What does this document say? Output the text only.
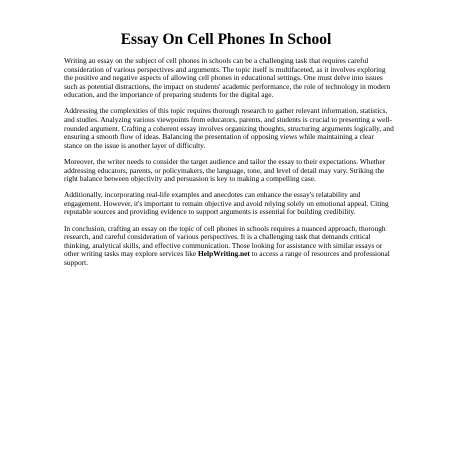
Essay On Cell Phones In School

Writing an essay on the subject of cell phones in schools can be a challenging task that requires careful consideration of various perspectives and arguments. The topic itself is multifaceted, as it involves exploring the positive and negative aspects of allowing cell phones in educational settings. One must delve into issues such as potential distractions, the impact on students' academic performance, the role of technology in modern education, and the importance of preparing students for the digital age.

Addressing the complexities of this topic requires thorough research to gather relevant information, statistics, and studies. Analyzing various viewpoints from educators, parents, and students is crucial to presenting a well-rounded argument. Crafting a coherent essay involves organizing thoughts, structuring arguments logically, and ensuring a smooth flow of ideas. Balancing the presentation of opposing views while maintaining a clear stance on the issue is another layer of difficulty.

Moreover, the writer needs to consider the target audience and tailor the essay to their expectations. Whether addressing educators, parents, or policymakers, the language, tone, and level of detail may vary. Striking the right balance between objectivity and persuasion is key to making a compelling case.

Additionally, incorporating real-life examples and anecdotes can enhance the essay's relatability and engagement. However, it's important to remain objective and avoid relying solely on emotional appeal. Citing reputable sources and providing evidence to support arguments is essential for building credibility.

In conclusion, crafting an essay on the topic of cell phones in schools requires a nuanced approach, thorough research, and careful consideration of various perspectives. It is a challenging task that demands critical thinking, analytical skills, and effective communication. Those looking for assistance with similar essays or other writing tasks may explore services like HelpWriting.net to access a range of resources and professional support.
